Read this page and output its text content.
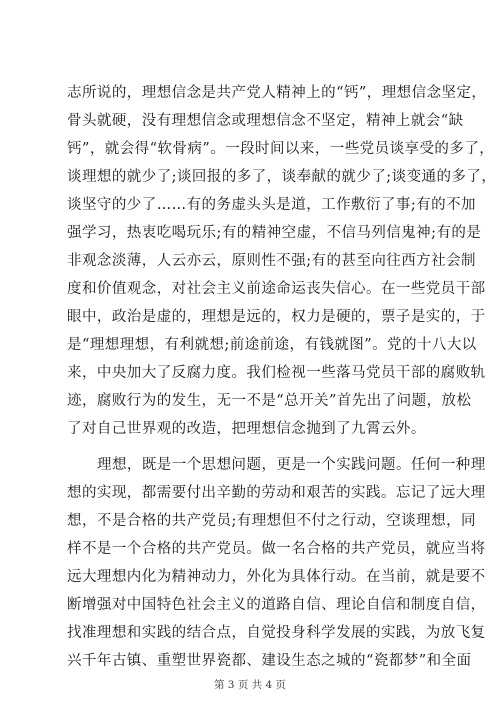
志所说的，理想信念是共产党人精神上的“钙”，理想信念坚定，
骨头就硬，没有理想信念或理想信念不坚定，精神上就会“缺
钙”，就会得“软骨病”。一段时间以来，一些党员谈享受的多了，
谈理想的就少了;谈回报的多了，谈奉献的就少了;谈变通的多了，
谈坚守的少了……有的务虚头头是道，工作敷衍了事;有的不加
强学习，热衷吃喝玩乐;有的精神空虚，不信马列信鬼神;有的是
非观念淡薄，人云亦云，原则性不强;有的甚至向往西方社会制
度和价值观念，对社会主义前途命运丧失信心。在一些党员干部
眼中，政治是虚的，理想是远的，权力是硬的，票子是实的，于
是“理想理想，有利就想;前途前途，有钱就图”。党的十八大以
来，中央加大了反腐力度。我们检视一些落马党员干部的腐败轨
迹，腐败行为的发生，无一不是“总开关”首先出了问题，放松
了对自己世界观的改造，把理想信念抛到了九霄云外。
理想，既是一个思想问题，更是一个实践问题。任何一种理
想的实现，都需要付出辛勤的劳动和艰苦的实践。忘记了远大理
想，不是合格的共产党员;有理想但不付之行动，空谈理想，同
样不是一个合格的共产党员。做一名合格的共产党员，就应当将
远大理想内化为精神动力，外化为具体行动。在当前，就是要不
断增强对中国特色社会主义的道路自信、理论自信和制度自信，
找准理想和实践的结合点，自觉投身科学发展的实践，为放飞复
兴千年古镇、重塑世界瓷都、建设生态之城的“瓷都梦”和全面
第 3 页 共 4 页
